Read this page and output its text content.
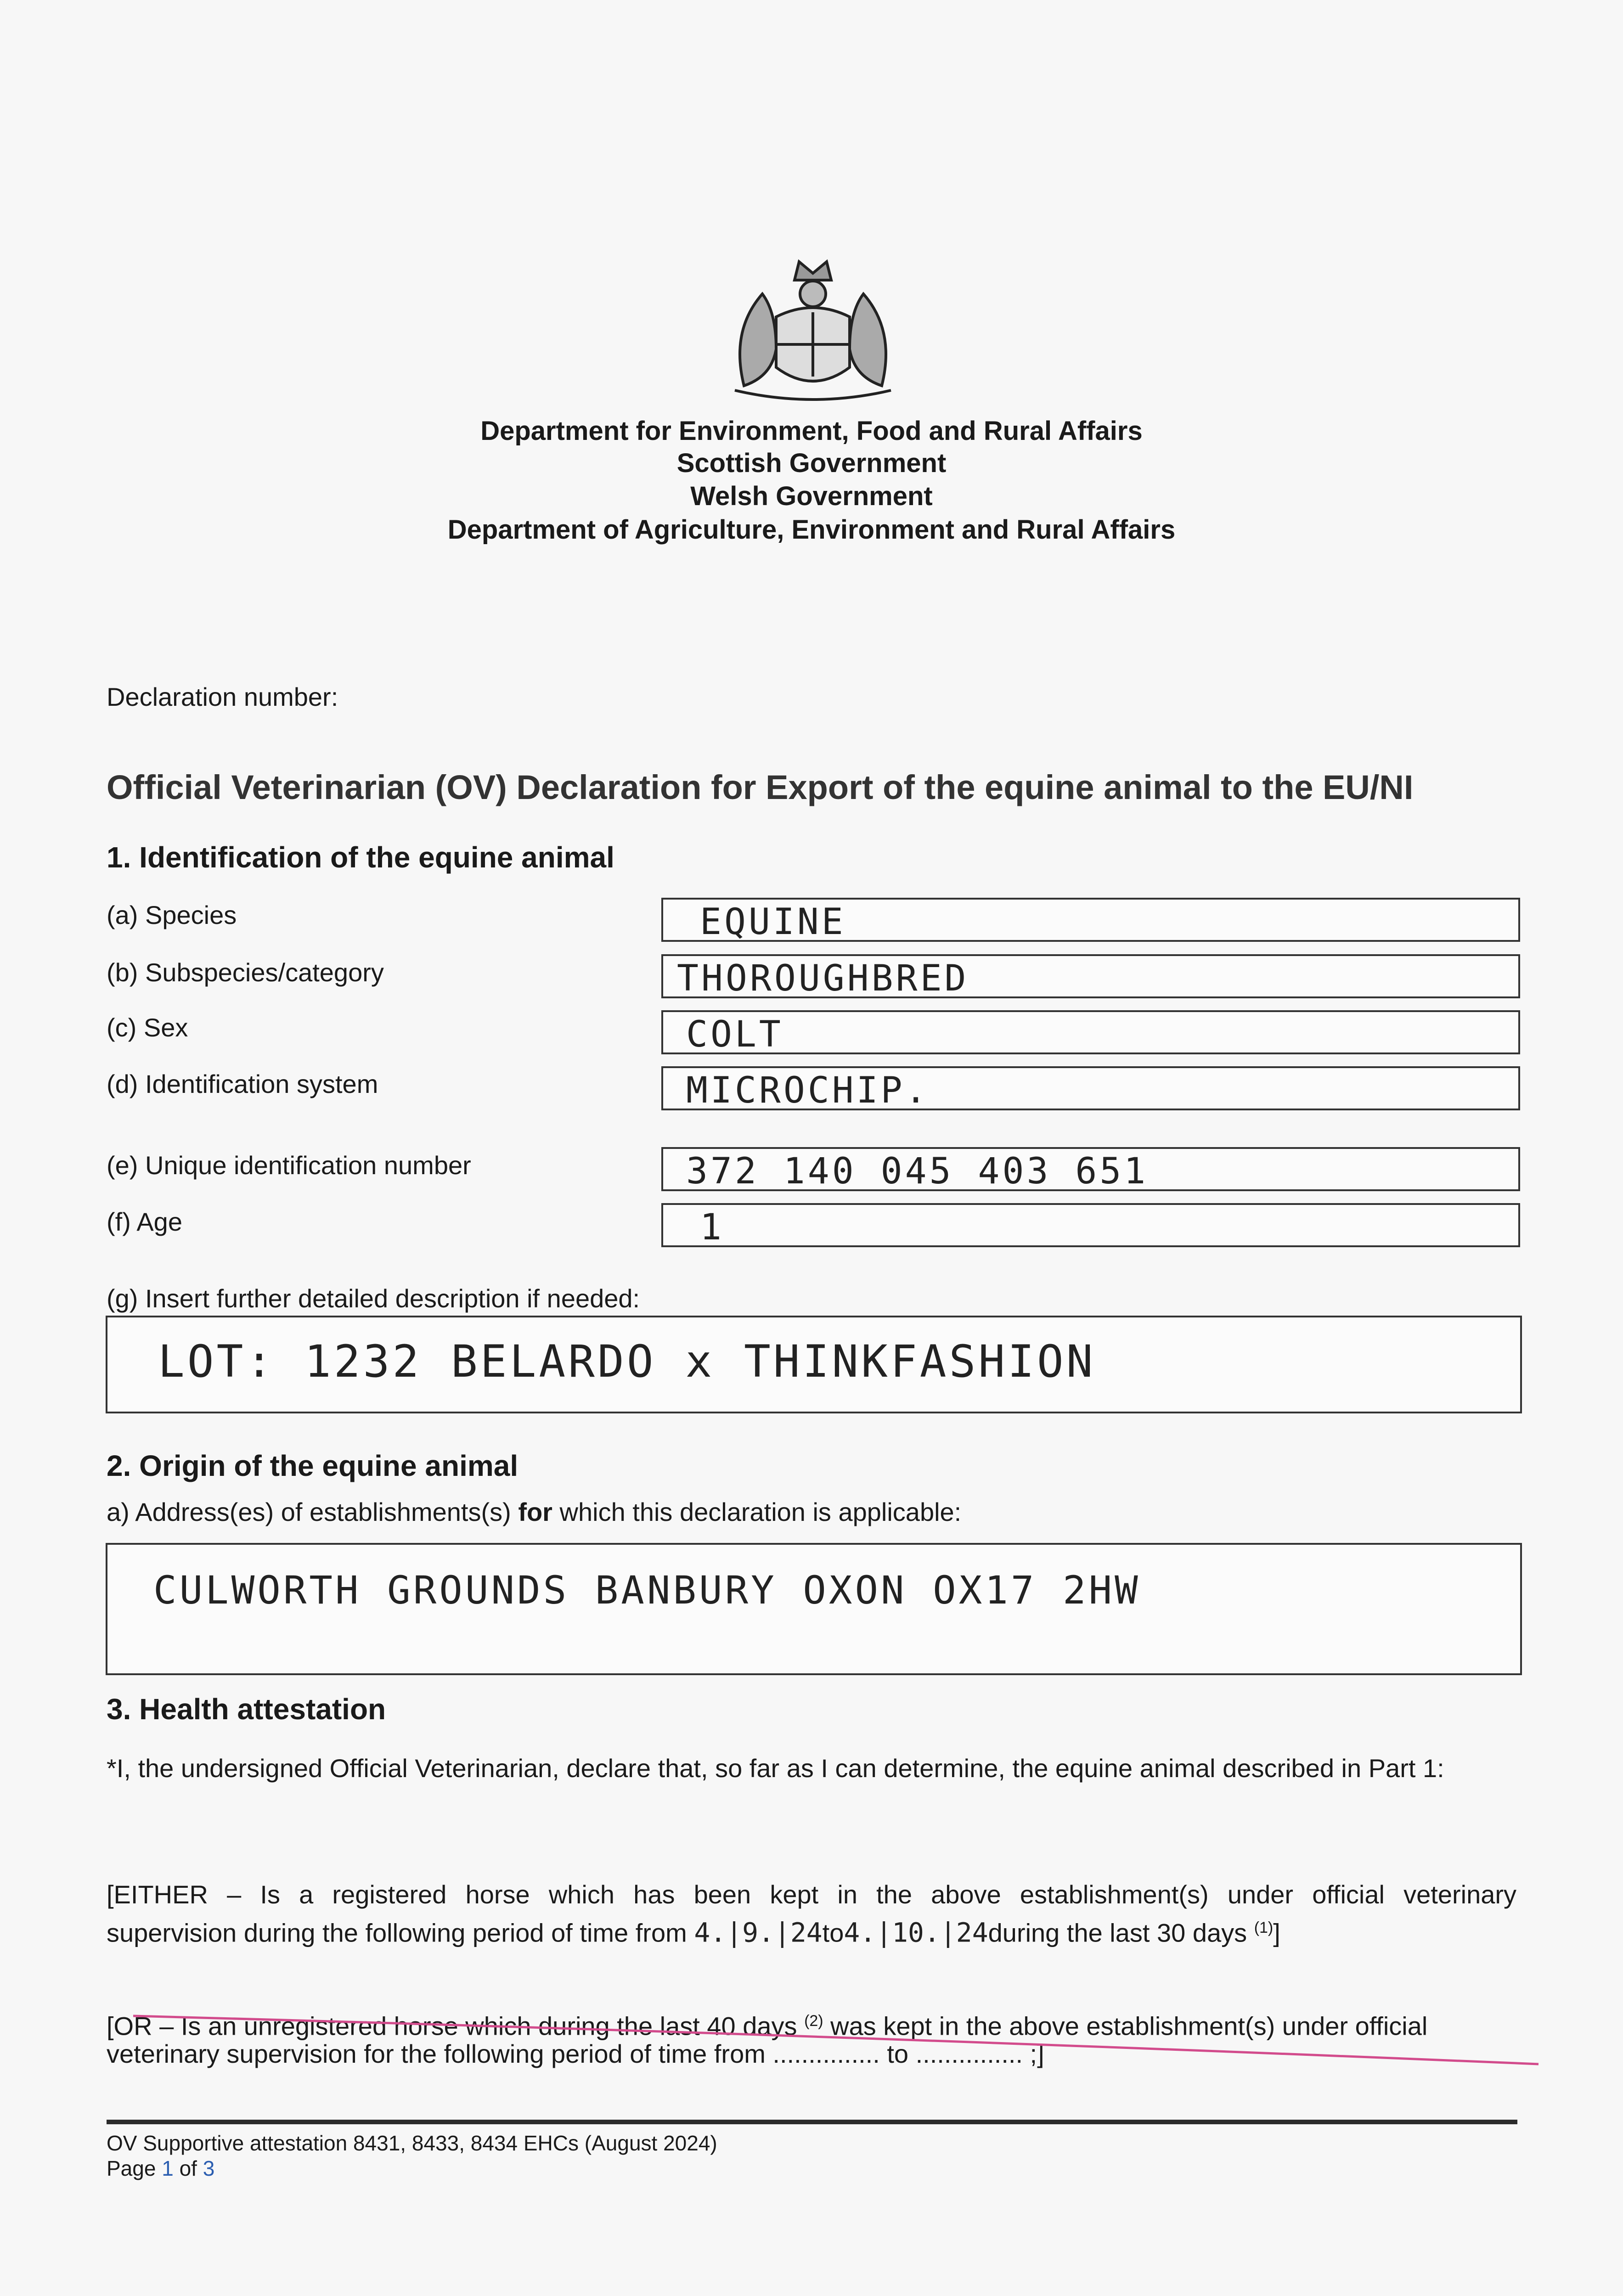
Department for Environment, Food and Rural Affairs
Scottish Government
Welsh Government
Department of Agriculture, Environment and Rural Affairs
Declaration number:
Official Veterinarian (OV) Declaration for Export of the equine animal to the EU/NI
1. Identification of the equine animal
(a) Species	EQUINE
(b) Subspecies/category	THOROUGHBRED
(c) Sex	COLT
(d) Identification system	MICROCHIP.
(e) Unique identification number	372 140 045 403 651
(f) Age	1
(g) Insert further detailed description if needed:
LOT: 1232 BELARDO x THINKFASHION
2. Origin of the equine animal
a) Address(es) of establishments(s) for which this declaration is applicable:
CULWORTH GROUNDS BANBURY OXON OX17 2HW
3. Health attestation
*I, the undersigned Official Veterinarian, declare that, so far as I can determine, the equine animal described in Part 1:
[EITHER – Is a registered horse which has been kept in the above establishment(s) under official veterinary
supervision during the following period of time from 4.|9.|24to4.|10.|24during the last 30 days $^{(1)}$]
[OR – Is an unregistered horse which during the last 40 days $^{(2)}$ was kept in the above establishment(s) under official
veterinary supervision for the following period of time from ............... to ............... ;]
OV Supportive attestation 8431, 8433, 8434 EHCs (August 2024)
Page 1 of 3
